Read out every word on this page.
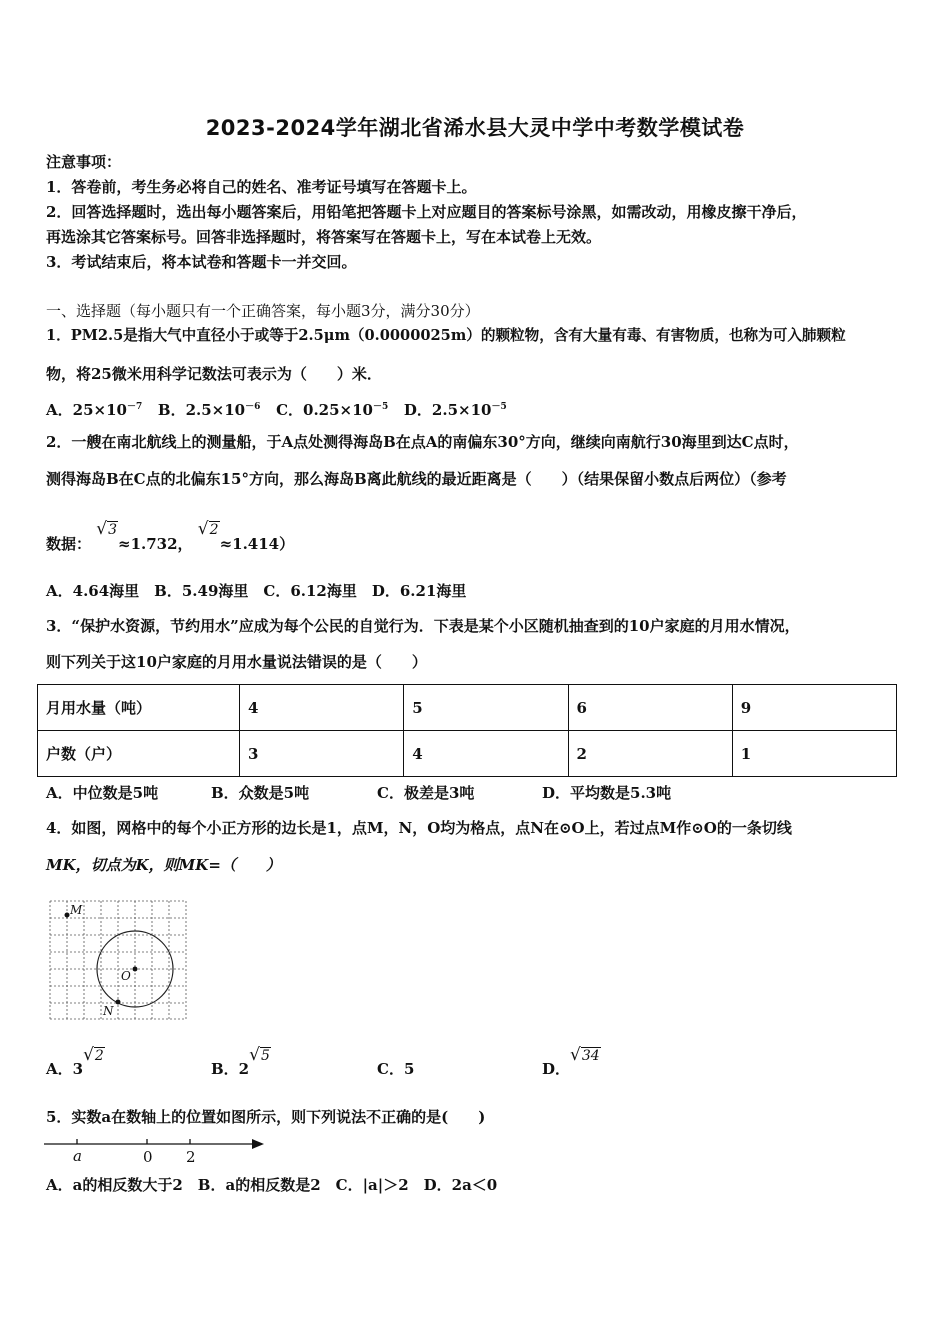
2023-2024学年湖北省浠水县大灵中学中考数学模试卷
注意事项：
1．答卷前，考生务必将自己的姓名、准考证号填写在答题卡上。
2．回答选择题时，选出每小题答案后，用铅笔把答题卡上对应题目的答案标号涂黑，如需改动，用橡皮擦干净后，
再选涂其它答案标号。回答非选择题时，将答案写在答题卡上，写在本试卷上无效。
3．考试结束后，将本试卷和答题卡一并交回。
一、选择题（每小题只有一个正确答案，每小题3分，满分30分）
1．PM2.5是指大气中直径小于或等于2.5μm（0.0000025m）的颗粒物，含有大量有毒、有害物质，也称为可入肺颗粒
物，将25微米用科学记数法可表示为（　　）米．
A．$25\times 10^{-7}$ B．$2.5\times 10^{-6}$ C．$0.25\times 10^{-5}$ D．$2.5\times 10^{-5}$
2．一艘在南北航线上的测量船，于A点处测得海岛B在点A的南偏东30°方向，继续向南航行30海里到达C点时，
测得海岛B在C点的北偏东15°方向，那么海岛B离此航线的最近距离是（　　）（结果保留小数点后两位）（参考
数据： √3≈1.732， √2≈1.414）
A．4.64海里　B．5.49海里　C．6.12海里　D．6.21海里
3．“保护水资源，节约用水”应成为每个公民的自觉行为．下表是某个小区随机抽查到的10户家庭的月用水情况，
则下列关于这10户家庭的月用水量说法错误的是（　　）
月用水量（吨）	4	5	6	9
户数（户）	3	4	2	1
A．中位数是5吨	B．众数是5吨	C．极差是3吨	D．平均数是5.3吨
4．如图，网格中的每个小正方形的边长是1，点M，N，O均为格点，点N在⊙O上，若过点M作⊙O的一条切线
MK，切点为K，则MK=（　　）
M
O
N
A．3√2
B．2√5
C．5	D．√34
5．实数a在数轴上的位置如图所示，则下列说法不正确的是(　　)
a	0 2
A．a的相反数大于2　B．a的相反数是2　C．|a|＞2　D．2a＜0
